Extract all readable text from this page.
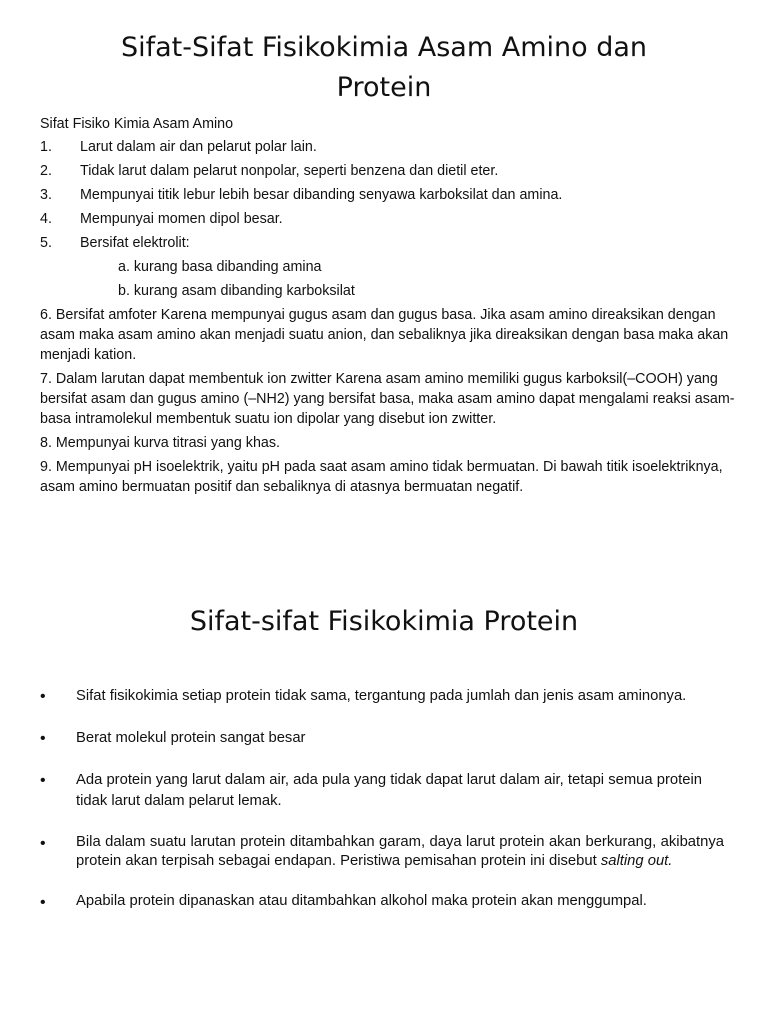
Sifat-Sifat Fisikokimia Asam Amino dan Protein
Sifat Fisiko Kimia Asam Amino
1.	Larut dalam air dan pelarut polar lain.
2.	Tidak larut dalam pelarut nonpolar, seperti benzena dan dietil eter.
3.	Mempunyai titik lebur lebih besar dibanding senyawa karboksilat dan amina.
4.	Mempunyai momen dipol besar.
5.	Bersifat elektrolit:
a. kurang basa dibanding amina
b. kurang asam dibanding karboksilat
6. Bersifat amfoter Karena mempunyai gugus asam dan gugus basa. Jika asam amino direaksikan dengan asam maka asam amino akan menjadi suatu anion, dan sebaliknya jika direaksikan dengan basa maka akan menjadi kation.
7. Dalam larutan dapat membentuk ion zwitter Karena asam amino memiliki gugus karboksil(–COOH) yang bersifat asam dan gugus amino (–NH2) yang bersifat basa, maka asam amino dapat mengalami reaksi asam-basa intramolekul membentuk suatu ion dipolar yang disebut ion zwitter.
8. Mempunyai kurva titrasi yang khas.
9. Mempunyai pH isoelektrik, yaitu pH pada saat asam amino tidak bermuatan. Di bawah titik isoelektriknya, asam amino bermuatan positif dan sebaliknya di atasnya bermuatan negatif.
Sifat-sifat Fisikokimia Protein
•	Sifat fisikokimia setiap protein tidak sama, tergantung pada jumlah dan jenis asam aminonya.
•	Berat molekul protein sangat besar
•	Ada protein yang larut dalam air, ada pula yang tidak dapat larut dalam air, tetapi semua protein tidak larut dalam pelarut lemak.
•	Bila dalam suatu larutan protein ditambahkan garam, daya larut protein akan berkurang, akibatnya protein akan terpisah sebagai endapan. Peristiwa pemisahan protein ini disebut salting out.
•	Apabila protein dipanaskan atau ditambahkan alkohol maka protein akan menggumpal.
